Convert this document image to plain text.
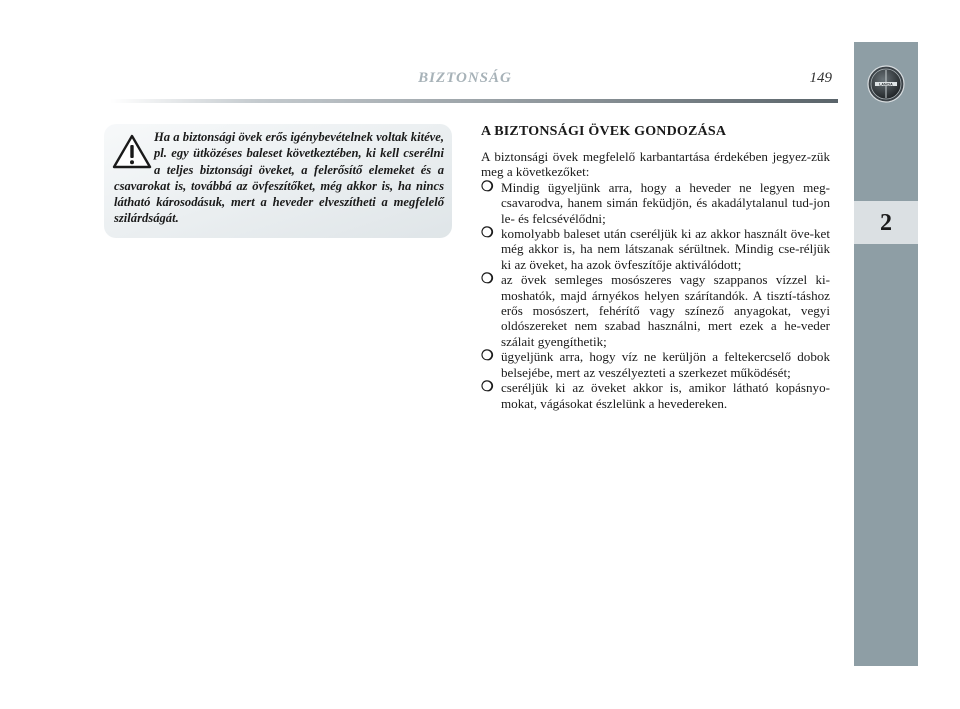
BIZTONSÁG	149	LANCIA
2

Ha a biztonsági övek erős igénybevételnek voltak kitéve, pl. egy ütközéses baleset következtében, ki kell cserélni a teljes biztonsági öveket, a felerősítő elemeket és a csavarokat is, továbbá az övfeszítőket, még akkor is, ha nincs látható károsodásuk, mert a heveder elveszítheti a megfelelő szilárdságát.

A BIZTONSÁGI ÖVEK GONDOZÁSA

A biztonsági övek megfelelő karbantartása érdekében jegyez-zük meg a következőket:

❍ Mindig ügyeljünk arra, hogy a heveder ne legyen meg-csavarodva, hanem simán feküdjön, és akadálytalanul tud-jon le- és felcsévélődni;
❍ komolyabb baleset után cseréljük ki az akkor használt öve-ket még akkor is, ha nem látszanak sérültnek. Mindig cse-réljük ki az öveket, ha azok övfeszítője aktiválódott;
❍ az övek semleges mosószeres vagy szappanos vízzel ki-moshatók, majd árnyékos helyen szárítandók. A tisztí-táshoz erős mosószert, fehérítő vagy színező anyagokat, vegyi oldószereket nem szabad használni, mert ezek a he-veder szálait gyengíthetik;
❍ ügyeljünk arra, hogy víz ne kerüljön a feltekercselő dobok belsejébe, mert az veszélyezteti a szerkezet működését;
❍ cseréljük ki az öveket akkor is, amikor látható kopásnyo-mokat, vágásokat észlelünk a hevedereken.
